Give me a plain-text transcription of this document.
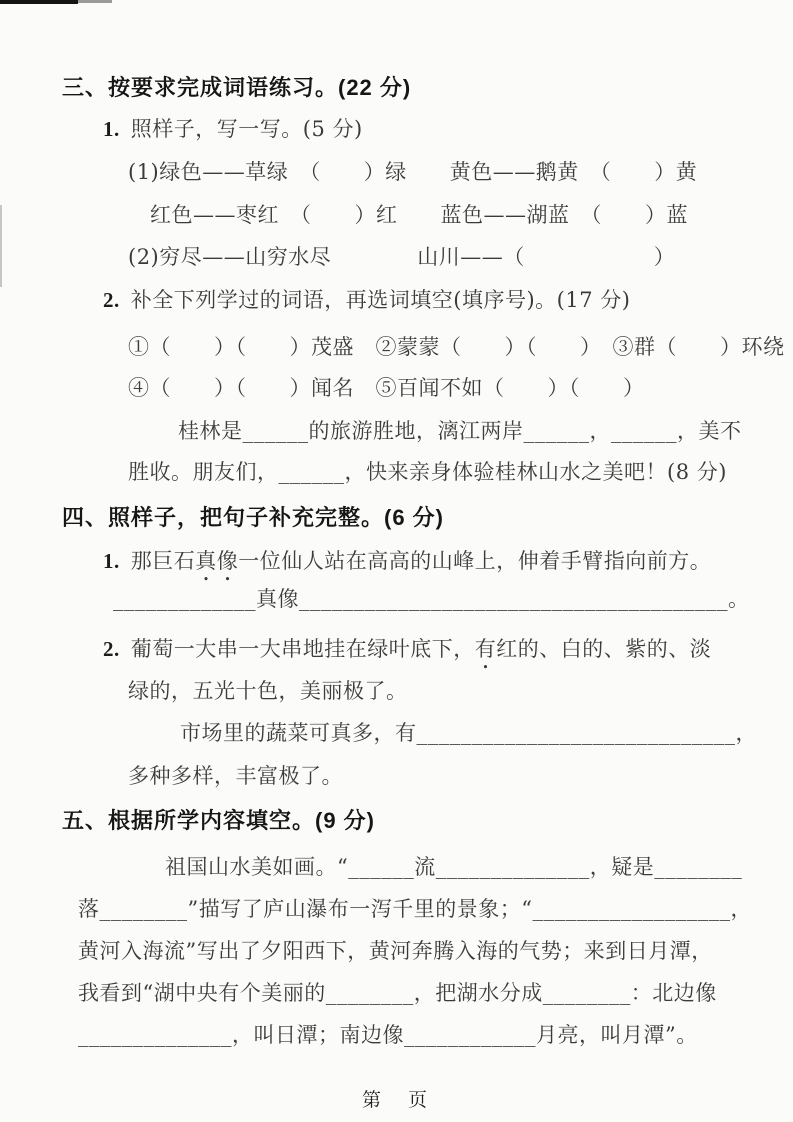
三、按要求完成词语练习。(22 分)
1. 照样子，写一写。(5 分)
(1)绿色——草绿　（　　）绿　　黄色——鹅黄　（　　）黄
红色——枣红　（　　）红　　蓝色——湖蓝　（　　）蓝
(2)穷尽——山穷水尽　　　　山川——（　　　　　　）
2. 补全下列学过的词语，再选词填空(填序号)。(17 分)
①（　　）（　　）茂盛　②蒙蒙（　　）（　　）　③群（　　）环绕
④（　　）（　　）闻名　⑤百闻不如（　　）（　　）
桂林是______的旅游胜地，漓江两岸______，______，美不
胜收。朋友们，______，快来亲身体验桂林山水之美吧！(8 分)
四、照样子，把句子补充完整。(6 分)
1. 那巨石真像一位仙人站在高高的山峰上，伸着手臂指向前方。
_____________真像_______________________________________。
2. 葡萄一大串一大串地挂在绿叶底下，有红的、白的、紫的、淡
绿的，五光十色，美丽极了。
市场里的蔬菜可真多，有_____________________________，
多种多样，丰富极了。
五、根据所学内容填空。(9 分)
祖国山水美如画。“______流______________，疑是________
落________”描写了庐山瀑布一泻千里的景象；“__________________，
黄河入海流”写出了夕阳西下，黄河奔腾入海的气势；来到日月潭，
我看到“湖中央有个美丽的________，把湖水分成________：北边像
______________，叫日潭；南边像____________月亮，叫月潭”。
第　页
